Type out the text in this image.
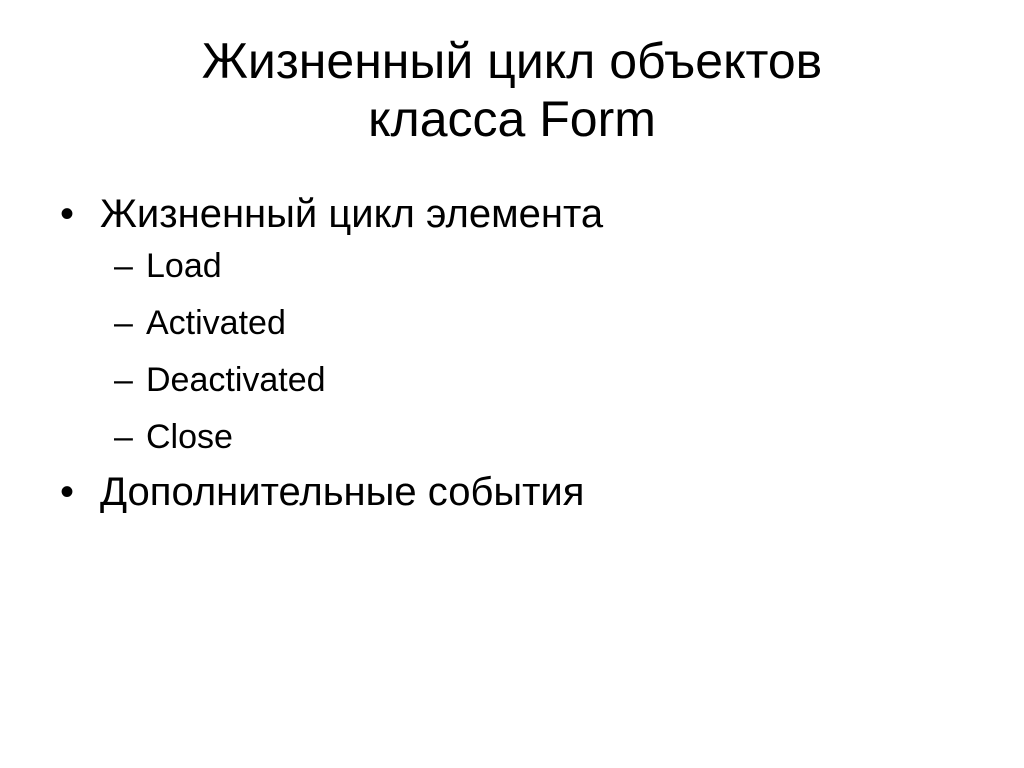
Жизненный цикл объектов
класса Form
• Жизненный цикл элемента
– Load
– Activated
– Deactivated
– Close
• Дополнительные события
